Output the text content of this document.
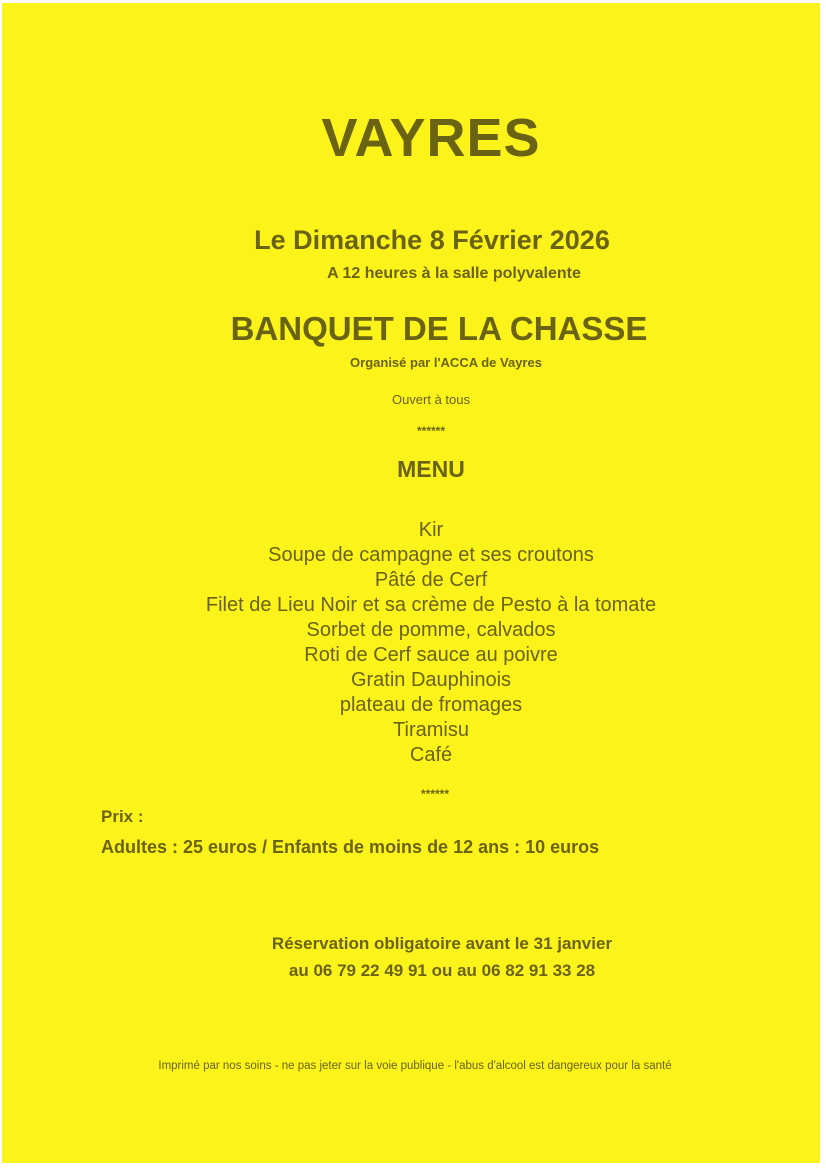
VAYRES
Le Dimanche 8 Février 2026
A 12 heures à la salle polyvalente
BANQUET DE LA CHASSE
Organisé par l'ACCA de Vayres
Ouvert à tous
******
MENU
Kir
Soupe de campagne et ses croutons
Pâté de Cerf
Filet de Lieu Noir et sa crème de Pesto à la tomate
Sorbet de pomme, calvados
Roti de Cerf sauce au poivre
Gratin Dauphinois
plateau de fromages
Tiramisu
Café
******
Prix :
Adultes : 25 euros / Enfants de moins de 12 ans : 10 euros
Réservation obligatoire avant le 31 janvier
au 06 79 22 49 91 ou au 06 82 91 33 28
Imprimé par nos soins - ne pas jeter sur la voie publique - l'abus d'alcool est dangereux pour la santé
